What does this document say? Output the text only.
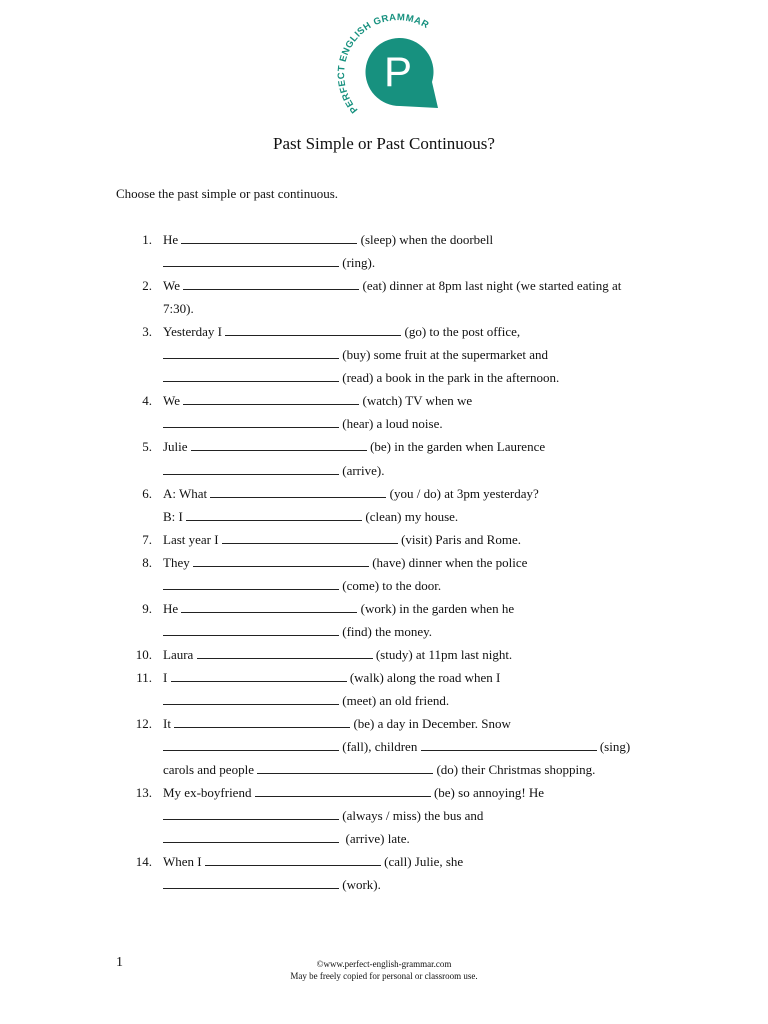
PERFECT ENGLISH GRAMMAR
P
Past Simple or Past Continuous?
Choose the past simple or past continuous.
1. He	(sleep) when the doorbell
(ring).
2. We	(eat) dinner at 8pm last night (we started eating at
7:30).
3. Yesterday I	(go) to the post office,
(buy) some fruit at the supermarket and
(read) a book in the park in the afternoon.
4. We	(watch) TV when we
(hear) a loud noise.
5. Julie	(be) in the garden when Laurence
(arrive).
6. A: What	(you / do) at 3pm yesterday?
B: I	(clean) my house.
7. Last year I	(visit) Paris and Rome.
8. They	(have) dinner when the police
(come) to the door.
9. He	(work) in the garden when he
(find) the money.
10. Laura	(study) at 11pm last night.
11. I	(walk) along the road when I
(meet) an old friend.
12. It	(be) a day in December. Snow
(fall), children	(sing)
carols and people	(do) their Christmas shopping.
13. My ex-boyfriend	(be) so annoying! He
(always / miss) the bus and
(arrive) late.
14. When I	(call) Julie, she
(work).
1	©www.perfect-english-grammar.com
May be freely copied for personal or classroom use.
